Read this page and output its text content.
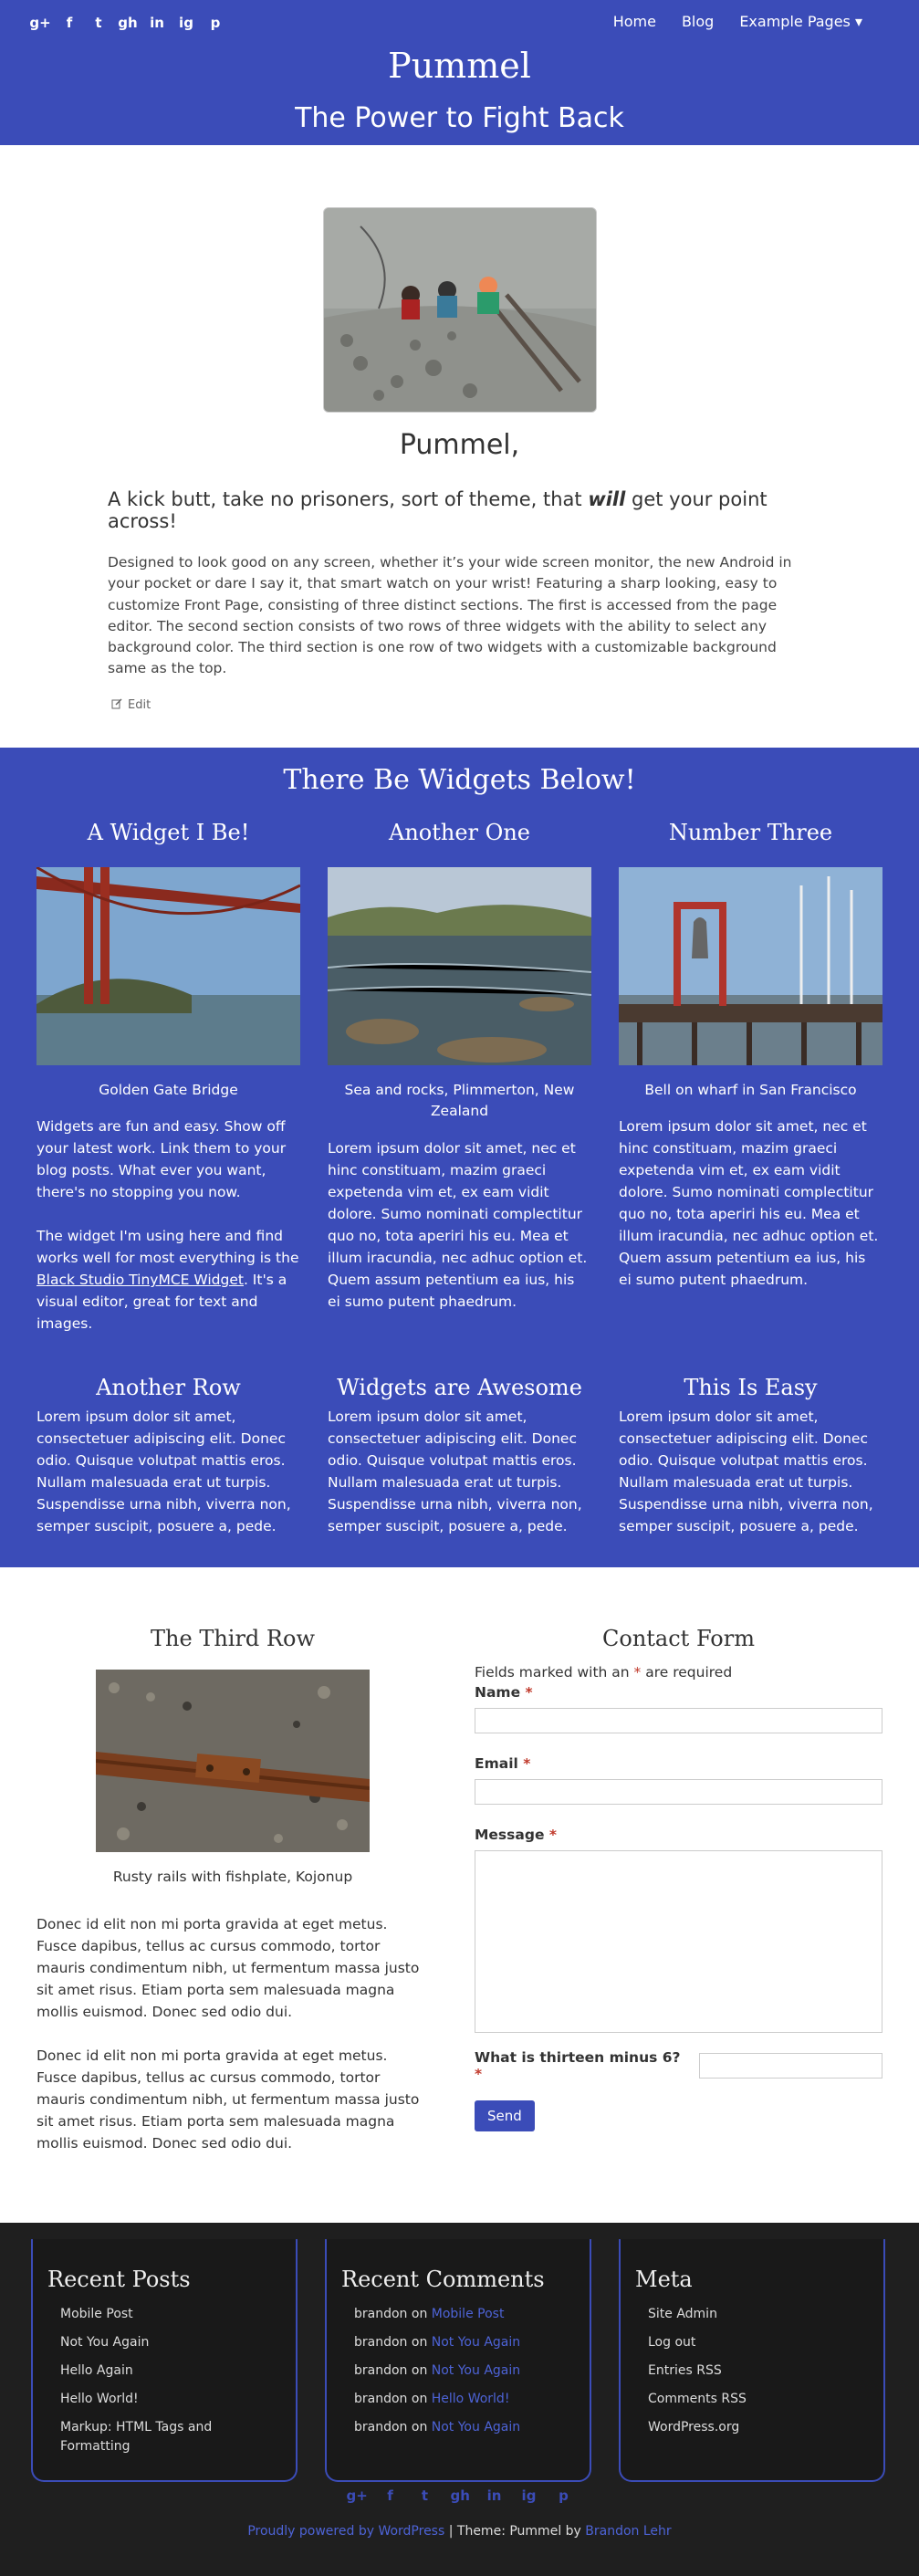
g+	f	t	gh in ig	p	Home	Blog	Example Pages ▾
Pummel
The Power to Fight Back
Pummel,

A kick butt, take no prisoners, sort of theme, that will get your point across!

Designed to look good on any screen, whether it’s your wide screen monitor, the new Android in your pocket or dare I say it, that smart watch on your wrist! Featuring a sharp looking, easy to customize Front Page, consisting of three distinct sections. The first is accessed from the page editor. The second section consists of two rows of three widgets with the ability to select any background color. The third section is one row of two widgets with a customizable background same as the top.

Edit
There Be Widgets Below!
A Widget I Be!
Golden Gate Bridge

Widgets are fun and easy. Show off your latest work. Link them to your blog posts. What ever you want, there's no stopping you now.

The widget I'm using here and find works well for most everything is the Black Studio TinyMCE Widget. It's a visual editor, great for text and images.

Another One
Sea and rocks, Plimmerton, New Zealand

Lorem ipsum dolor sit amet, nec et hinc constituam, mazim graeci expetenda vim et, ex eam vidit dolore. Sumo nominati complectitur quo no, tota aperiri his eu. Mea et illum iracundia, nec adhuc option et. Quem assum petentium ea ius, his ei sumo putent phaedrum.

Number Three
Bell on wharf in San Francisco

Lorem ipsum dolor sit amet, nec et hinc constituam, mazim graeci expetenda vim et, ex eam vidit dolore. Sumo nominati complectitur quo no, tota aperiri his eu. Mea et illum iracundia, nec adhuc option et. Quem assum petentium ea ius, his ei sumo putent phaedrum.

Another Row
Lorem ipsum dolor sit amet, consectetuer adipiscing elit. Donec odio. Quisque volutpat mattis eros. Nullam malesuada erat ut turpis. Suspendisse urna nibh, viverra non, semper suscipit, posuere a, pede.
Widgets are Awesome
Lorem ipsum dolor sit amet, consectetuer adipiscing elit. Donec odio. Quisque volutpat mattis eros. Nullam malesuada erat ut turpis. Suspendisse urna nibh, viverra non, semper suscipit, posuere a, pede.
This Is Easy
Lorem ipsum dolor sit amet, consectetuer adipiscing elit. Donec odio. Quisque volutpat mattis eros. Nullam malesuada erat ut turpis. Suspendisse urna nibh, viverra non, semper suscipit, posuere a, pede.
The Third Row
Rusty rails with fishplate, Kojonup

Donec id elit non mi porta gravida at eget metus. Fusce dapibus, tellus ac cursus commodo, tortor mauris condimentum nibh, ut fermentum massa justo sit amet risus. Etiam porta sem malesuada magna mollis euismod. Donec sed odio dui.

Donec id elit non mi porta gravida at eget metus. Fusce dapibus, tellus ac cursus commodo, tortor mauris condimentum nibh, ut fermentum massa justo sit amet risus. Etiam porta sem malesuada magna mollis euismod. Donec sed odio dui.

Contact Form
Fields marked with an * are required
Name *
Email *
Message *
What is thirteen minus 6? *
Send
Recent Posts
Mobile Post
Not You Again
Hello Again
Hello World!
Markup: HTML Tags and Formatting
Recent Comments
brandon on Mobile Post
brandon on Not You Again
brandon on Not You Again
brandon on Hello World!
brandon on Not You Again
Meta
Site Admin
Log out
Entries RSS
Comments RSS
WordPress.org
g+	f	t	gh in ig	p
Proudly powered by WordPress | Theme: Pummel by Brandon Lehr
